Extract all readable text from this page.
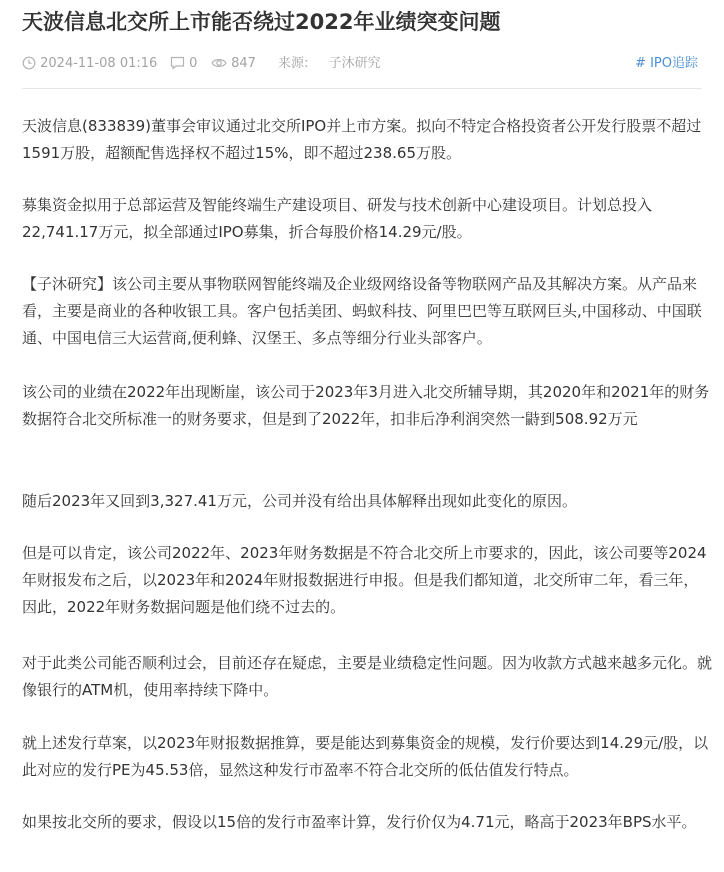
天波信息北交所上市能否绕过2022年业绩突变问题
2024-11-08 01:16	0	847 来源: 子沐研究	# IPO追踪

天波信息(833839)董事会审议通过北交所IPO并上市方案。拟向不特定合格投资者公开发行股票不超过1591万股，超额配售选择权不超过15%，即不超过238.65万股。

募集资金拟用于总部运营及智能终端生产建设项目、研发与技术创新中心建设项目。计划总投入22,741.17万元，拟全部通过IPO募集，折合每股价格14.29元/股。

【子沐研究】该公司主要从事物联网智能终端及企业级网络设备等物联网产品及其解决方案。从产品来看，主要是商业的各种收银工具。客户包括美团、蚂蚁科技、阿里巴巴等互联网巨头,中国移动、中国联通、中国电信三大运营商,便利蜂、汉堡王、多点等细分行业头部客户。

该公司的业绩在2022年出现断崖，该公司于2023年3月进入北交所辅导期，其2020年和2021年的财务数据符合北交所标准一的财务要求，但是到了2022年，扣非后净利润突然一鼭到508.92万元

随后2023年又回到3,327.41万元，公司并没有给出具体解释出现如此变化的原因。

但是可以肯定，该公司2022年、2023年财务数据是不符合北交所上市要求的，因此，该公司要等2024年财报发布之后，以2023年和2024年财报数据进行申报。但是我们都知道，北交所审二年，看三年，因此，2022年财务数据问题是他们绕不过去的。

对于此类公司能否顺利过会，目前还存在疑虑，主要是业绩稳定性问题。因为收款方式越来越多元化。就像银行的ATM机，使用率持续下降中。

就上述发行草案，以2023年财报数据推算，要是能达到募集资金的规模，发行价要达到14.29元/股，以此对应的发行PE为45.53倍，显然这种发行市盈率不符合北交所的低估值发行特点。

如果按北交所的要求，假设以15倍的发行市盈率计算，发行价仅为4.71元，略高于2023年BPS水平。
